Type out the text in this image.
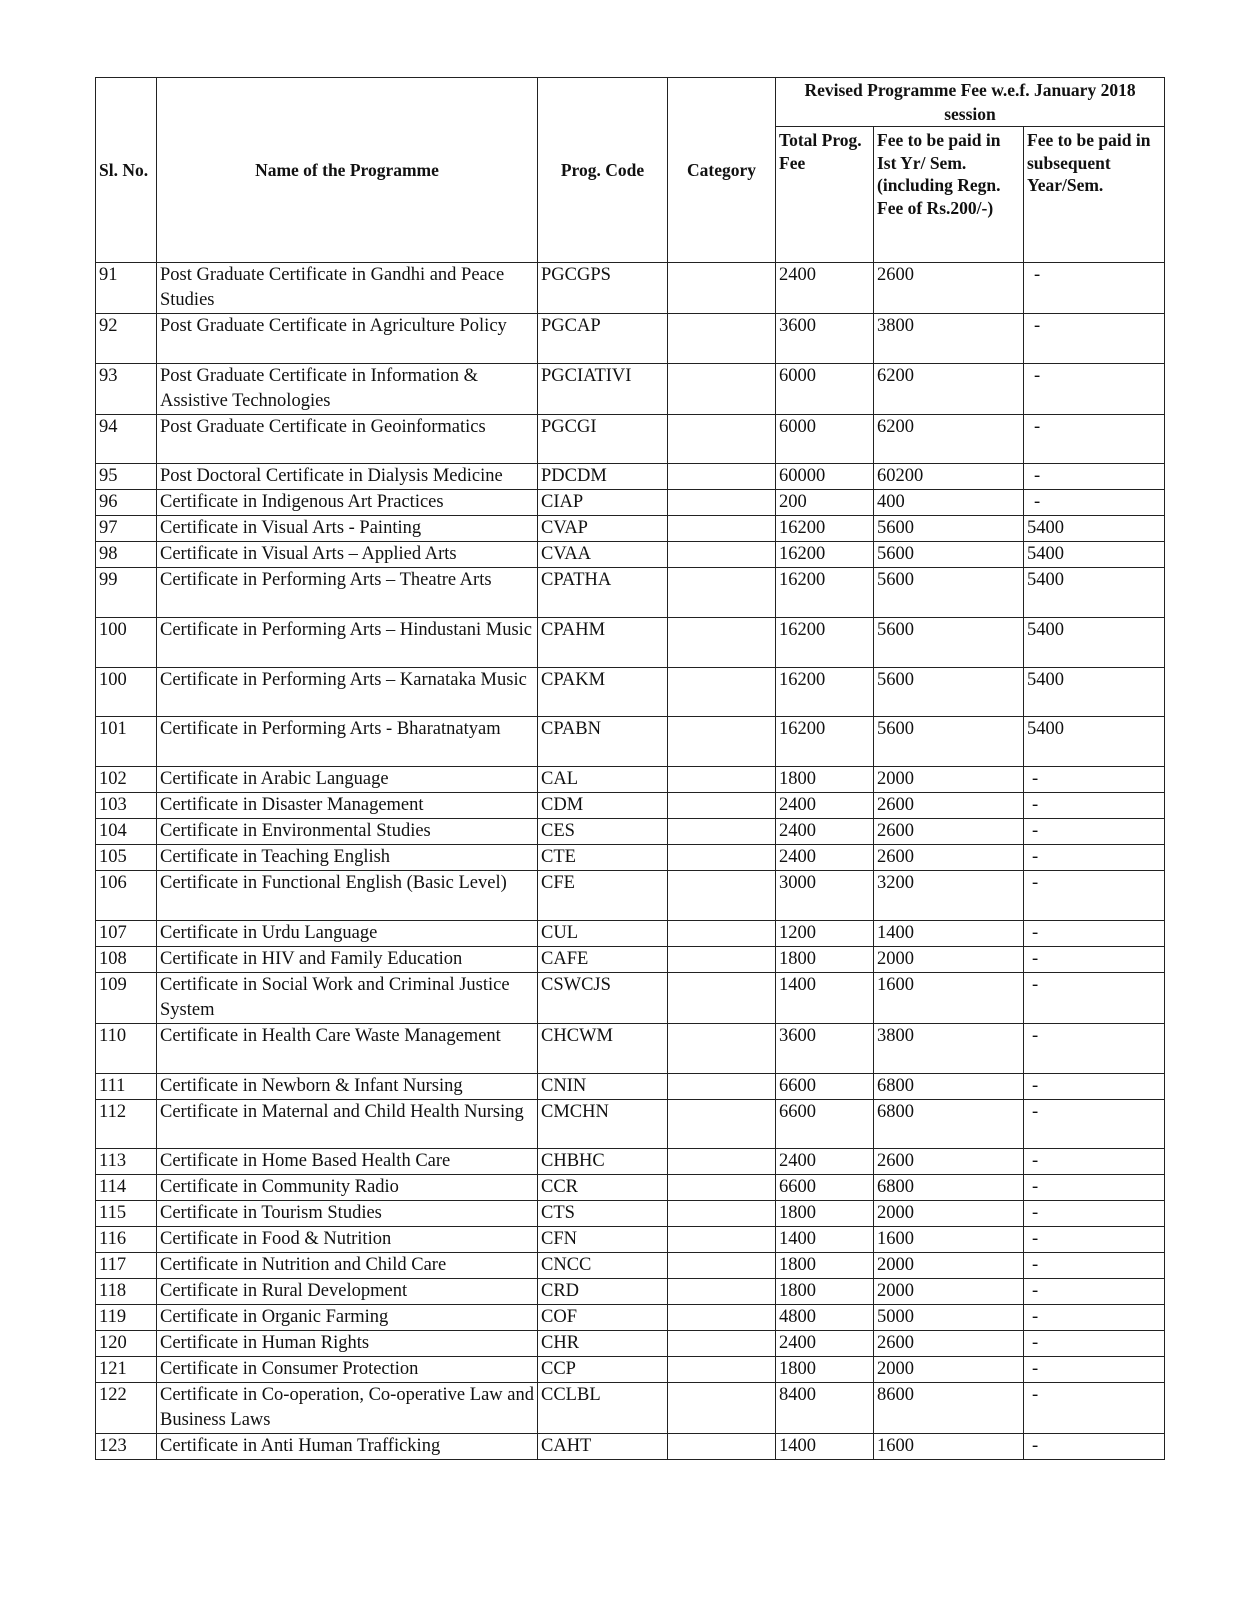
Sl. No.	Name of the Programme	Prog. Code	Category	Revised Programme Fee w.e.f. January 2018 session		
				Total Prog. Fee	Fee to be paid in Ist Yr/ Sem. (including Regn. Fee of Rs.200/-)	Fee to be paid in subsequent Year/Sem.
91	Post Graduate Certificate in Gandhi and Peace Studies	PGCGPS		2400	2600	-
92	Post Graduate Certificate in Agriculture Policy	PGCAP		3600	3800	-
93	Post Graduate Certificate in Information & Assistive Technologies	PGCIATIVI		6000	6200	-
94	Post Graduate Certificate in Geoinformatics	PGCGI		6000	6200	-
95	Post Doctoral Certificate in Dialysis Medicine	PDCDM		60000	60200	-
96	Certificate in Indigenous Art Practices	CIAP		200	400	-
97	Certificate in Visual Arts - Painting	CVAP		16200	5600	5400
98	Certificate in Visual Arts – Applied Arts	CVAA		16200	5600	5400
99	Certificate in Performing Arts – Theatre Arts	CPATHA		16200	5600	5400
100	Certificate in Performing Arts – Hindustani Music	CPAHM		16200	5600	5400
100	Certificate in Performing Arts – Karnataka Music	CPAKM		16200	5600	5400
101	Certificate in Performing Arts - Bharatnatyam	CPABN		16200	5600	5400
102	Certificate in Arabic Language	CAL		1800	2000	-
103	Certificate in Disaster Management	CDM		2400	2600	-
104	Certificate in Environmental Studies	CES		2400	2600	-
105	Certificate in Teaching English	CTE		2400	2600	-
106	Certificate in Functional English (Basic Level)	CFE		3000	3200	-
107	Certificate in Urdu Language	CUL		1200	1400	-
108	Certificate in HIV and Family Education	CAFE		1800	2000	-
109	Certificate in Social Work and Criminal Justice System	CSWCJS		1400	1600	-
110	Certificate in Health Care Waste Management	CHCWM		3600	3800	-
111	Certificate in Newborn & Infant Nursing	CNIN		6600	6800	-
112	Certificate in Maternal and Child Health Nursing	CMCHN		6600	6800	-
113	Certificate in Home Based Health Care	CHBHC		2400	2600	-
114	Certificate in Community Radio	CCR		6600	6800	-
115	Certificate in Tourism Studies	CTS		1800	2000	-
116	Certificate in Food & Nutrition	CFN		1400	1600	-
117	Certificate in Nutrition and Child Care	CNCC		1800	2000	-
118	Certificate in Rural Development	CRD		1800	2000	-
119	Certificate in Organic Farming	COF		4800	5000	-
120	Certificate in Human Rights	CHR		2400	2600	-
121	Certificate in Consumer Protection	CCP		1800	2000	-
122	Certificate in Co-operation, Co-operative Law and Business Laws	CCLBL		8400	8600	-
123	Certificate in Anti Human Trafficking	CAHT		1400	1600	-
